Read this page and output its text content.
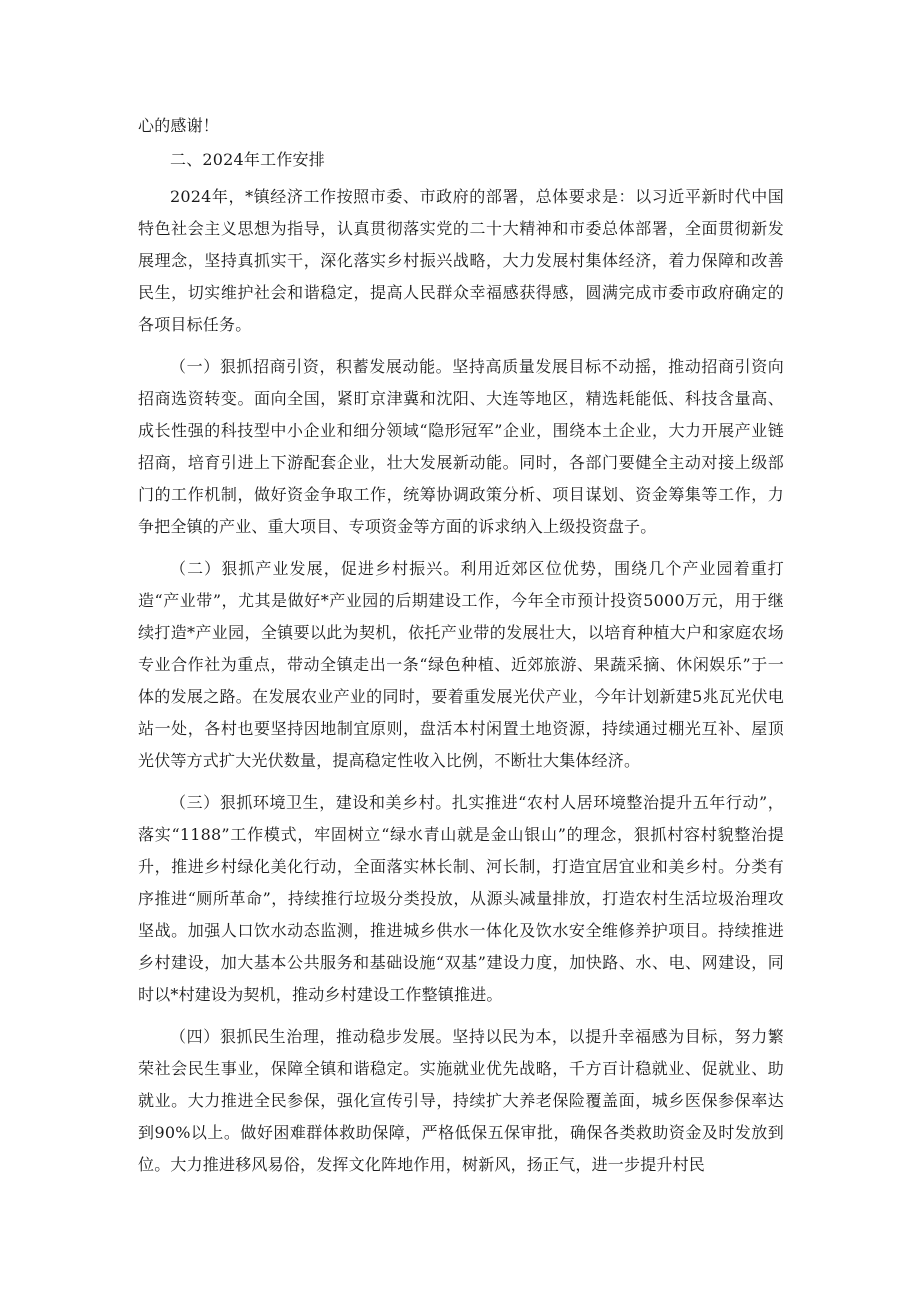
心的感谢！

二、2024年工作安排

2024年，*镇经济工作按照市委、市政府的部署，总体要求是：以习近平新时代中国特色社会主义思想为指导，认真贯彻落实党的二十大精神和市委总体部署，全面贯彻新发展理念，坚持真抓实干，深化落实乡村振兴战略，大力发展村集体经济，着力保障和改善民生，切实维护社会和谐稳定，提高人民群众幸福感获得感，圆满完成市委市政府确定的各项目标任务。

（一）狠抓招商引资，积蓄发展动能。坚持高质量发展目标不动摇，推动招商引资向招商选资转变。面向全国，紧盯京津冀和沈阳、大连等地区，精选耗能低、科技含量高、成长性强的科技型中小企业和细分领域“隐形冠军”企业，围绕本土企业，大力开展产业链招商，培育引进上下游配套企业，壮大发展新动能。同时，各部门要健全主动对接上级部门的工作机制，做好资金争取工作，统筹协调政策分析、项目谋划、资金筹集等工作，力争把全镇的产业、重大项目、专项资金等方面的诉求纳入上级投资盘子。

（二）狠抓产业发展，促进乡村振兴。利用近郊区位优势，围绕几个产业园着重打造“产业带”，尤其是做好*产业园的后期建设工作，今年全市预计投资5000万元，用于继续打造*产业园，全镇要以此为契机，依托产业带的发展壮大，以培育种植大户和家庭农场专业合作社为重点，带动全镇走出一条“绿色种植、近郊旅游、果蔬采摘、休闲娱乐”于一体的发展之路。在发展农业产业的同时，要着重发展光伏产业，今年计划新建5兆瓦光伏电站一处，各村也要坚持因地制宜原则，盘活本村闲置土地资源，持续通过棚光互补、屋顶光伏等方式扩大光伏数量，提高稳定性收入比例，不断壮大集体经济。

（三）狠抓环境卫生，建设和美乡村。扎实推进“农村人居环境整治提升五年行动”，落实“1188”工作模式，牢固树立“绿水青山就是金山银山”的理念，狠抓村容村貌整治提升，推进乡村绿化美化行动，全面落实林长制、河长制，打造宜居宜业和美乡村。分类有序推进“厕所革命”，持续推行垃圾分类投放，从源头减量排放，打造农村生活垃圾治理攻坚战。加强人口饮水动态监测，推进城乡供水一体化及饮水安全维修养护项目。持续推进乡村建设，加大基本公共服务和基础设施“双基”建设力度，加快路、水、电、网建设，同时以*村建设为契机，推动乡村建设工作整镇推进。

（四）狠抓民生治理，推动稳步发展。坚持以民为本，以提升幸福感为目标，努力繁荣社会民生事业，保障全镇和谐稳定。实施就业优先战略，千方百计稳就业、促就业、助就业。大力推进全民参保，强化宣传引导，持续扩大养老保险覆盖面，城乡医保参保率达到90%以上。做好困难群体救助保障，严格低保五保审批，确保各类救助资金及时发放到位。大力推进移风易俗，发挥文化阵地作用，树新风，扬正气，进一步提升村民
